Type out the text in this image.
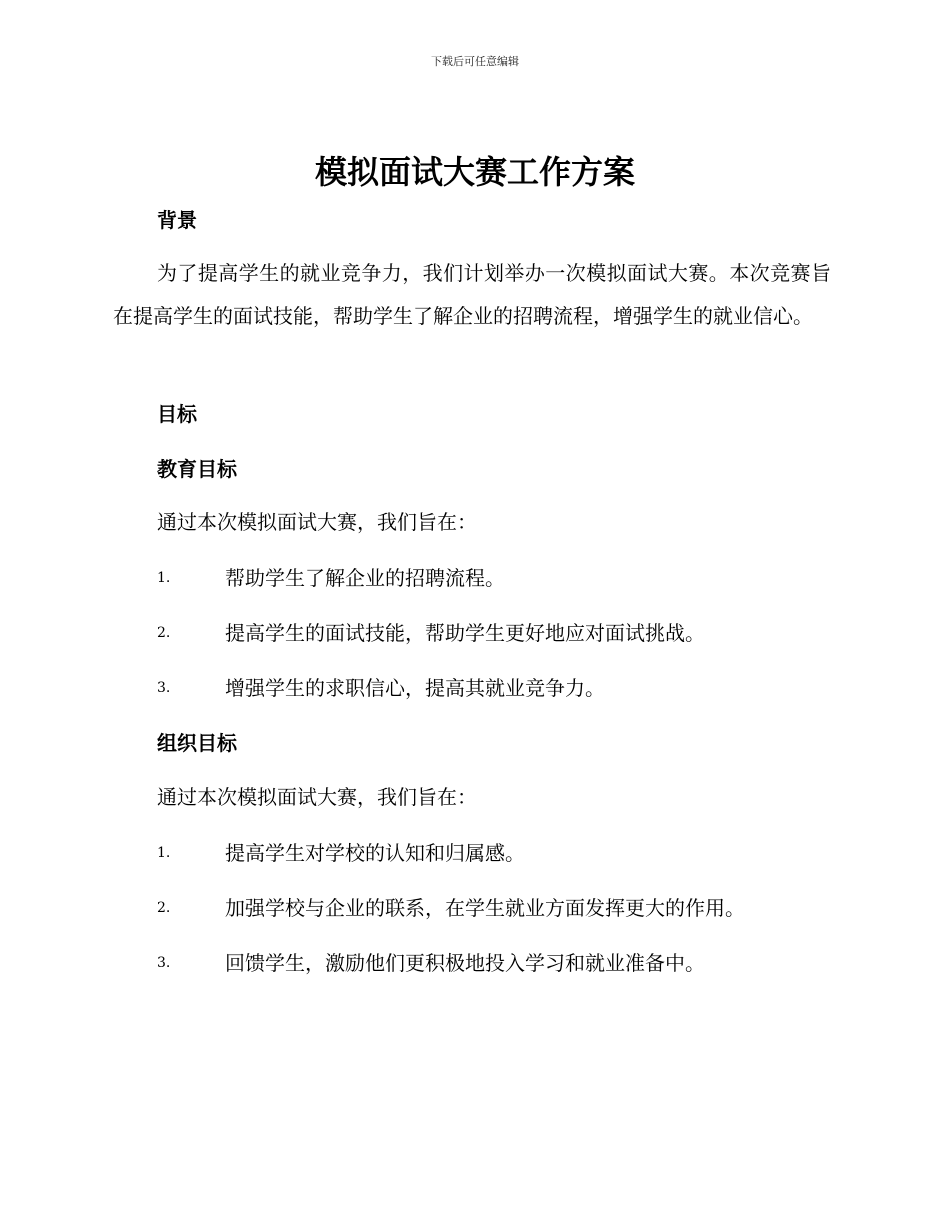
下载后可任意编辑
模拟面试大赛工作方案
背景

为了提高学生的就业竞争力，我们计划举办一次模拟面试大赛。本次竞赛旨在提高学生的面试技能，帮助学生了解企业的招聘流程，增强学生的就业信心。

目标
教育目标

通过本次模拟面试大赛，我们旨在：

1.	帮助学生了解企业的招聘流程。
2.	提高学生的面试技能，帮助学生更好地应对面试挑战。
3.	增强学生的求职信心，提高其就业竞争力。
组织目标

通过本次模拟面试大赛，我们旨在：

1.	提高学生对学校的认知和归属感。
2.	加强学校与企业的联系，在学生就业方面发挥更大的作用。
3.	回馈学生，激励他们更积极地投入学习和就业准备中。
